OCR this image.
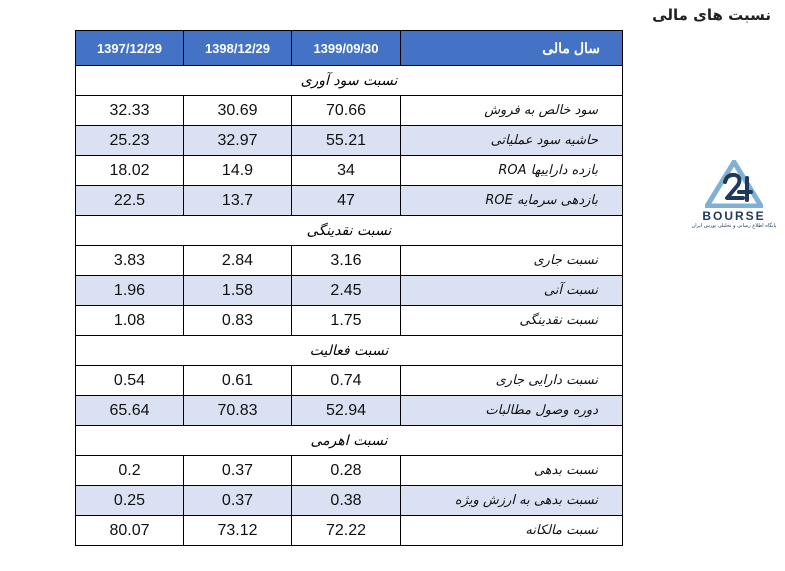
نسبت های مالی
1397/12/29	1398/12/29	1399/09/30	سال مالی
نسبت سود آوری			
32.33	30.69	70.66	سود خالص به فروش
25.23	32.97	55.21	حاشیه سود عملیاتی
18.02	14.9	34	بازده داراییها ROA
22.5	13.7	47	بازدهی سرمایه ROE
نسبت نقدینگی			
3.83	2.84	3.16	نسبت جاری
1.96	1.58	2.45	نسبت آنی
1.08	0.83	1.75	نسبت نقدینگی
نسبت فعالیت			
0.54	0.61	0.74	نسبت دارایی جاری
65.64	70.83	52.94	دوره وصول مطالبات
نسبت اهرمی			
0.2	0.37	0.28	نسبت بدهی
0.25	0.37	0.38	نسبت بدهی به ارزش ویژه
80.07	73.12	72.22	نسبت مالکانه
BOURSE
پایگاه اطلاع رسانی و تحلیلی بورس ایران
